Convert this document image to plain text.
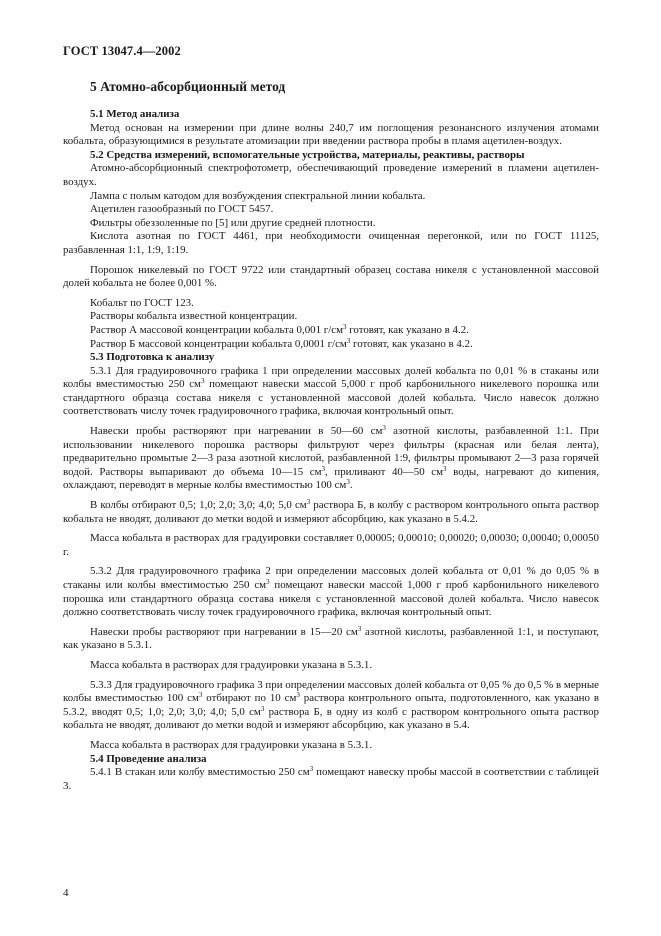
ГОСТ 13047.4—2002
5 Атомно-абсорбционный метод
5.1 Метод анализа
Метод основан на измерении при длине волны 240,7 им поглощения резонансного излучения атомами кобальта, образующимися в результате атомизации при введении раствора пробы в пламя ацетилен-воздух.
5.2 Средства измерений, вспомогательные устройства, материалы, реактивы, растворы
Атомно-абсорбционный спектрофотометр, обеспечивающий проведение измерений в пламени ацетилен-воздух.
Лампа с полым катодом для возбуждения спектральной линии кобальта.
Ацетилен газообразный по ГОСТ 5457.
Фильтры обеззоленные по [5] или другие средней плотности.
Кислота азотная по ГОСТ 4461, при необходимости очищенная перегонкой, или по ГОСТ 11125, разбавленная 1:1, 1:9, 1:19.
Порошок никелевый по ГОСТ 9722 или стандартный образец состава никеля с установленной массовой долей кобальта не более 0,001 %.
Кобальт по ГОСТ 123.
Растворы кобальта известной концентрации.
Раствор А массовой концентрации кобальта 0,001 $г/см^3$ готовят, как указано в 4.2.
Раствор Б массовой концентрации кобальта 0,0001 $г/см^3$ готовят, как указано в 4.2.
5.3 Подготовка к анализу
5.3.1 Для градуировочного графика 1 при определении массовых долей кобальта по 0,01 % в стаканы или колбы вместимостью 250 $см^3$ помещают навески массой 5,000 г проб карбонильного никелевого порошка или стандартного образца состава никеля с установленной массовой долей кобальта. Число навесок должно соответствовать числу точек градуировочного графика, включая контрольный опыт.
Навески пробы растворяют при нагревании в 50—60 $см^3$ азотной кислоты, разбавленной 1:1. При использовании никелевого порошка растворы фильтруют через фильтры (красная или белая лента), предварительно промытые 2—3 раза азотной кислотой, разбавленной 1:9, фильтры промывают 2—3 раза горячей водой. Растворы выпаривают до объема 10—15 $см^3$, приливают 40—50 $см^3$ воды, нагревают до кипения, охлаждают, переводят в мерные колбы вместимостью 100 $см^3$.
В колбы отбирают 0,5; 1,0; 2,0; 3,0; 4,0; 5,0 $см^3$ раствора Б, в колбу с раствором контрольного опыта раствор кобальта не вводят, доливают до метки водой и измеряют абсорбцию, как указано в 5.4.2.
Масса кобальта в растворах для градуировки составляет 0,00005; 0,00010; 0,00020; 0,00030; 0,00040; 0,00050 г.
5.3.2 Для градуировочного графика 2 при определении массовых долей кобальта от 0,01 % до 0,05 % в стаканы или колбы вместимостью 250 $см^3$ помещают навески массой 1,000 г проб карбонильного никелевого порошка или стандартного образца состава никеля с установленной массовой долей кобальта. Число навесок должно соответствовать числу точек градуировочного графика, включая контрольный опыт.
Навески пробы растворяют при нагревании в 15—20 $см^3$ азотной кислоты, разбавленной 1:1, и поступают, как указано в 5.3.1.
Масса кобальта в растворах для градуировки указана в 5.3.1.
5.3.3 Для градуировочного графика 3 при определении массовых долей кобальта от 0,05 % до 0,5 % в мерные колбы вместимостью 100 $см^3$ отбирают по 10 $см^3$ раствора контрольного опыта, подготовленного, как указано в 5.3.2, вводят 0,5; 1,0; 2,0; 3,0; 4,0; 5,0 $см^3$ раствора Б, в одну из колб с раствором контрольного опыта раствор кобальта не вводят, доливают до метки водой и измеряют абсорбцию, как указано в 5.4.
Масса кобальта в растворах для градуировки указана в 5.3.1.
5.4 Проведение анализа
5.4.1 В стакан или колбу вместимостью 250 $см^3$ помещают навеску пробы массой в соответствии с таблицей 3.
4
